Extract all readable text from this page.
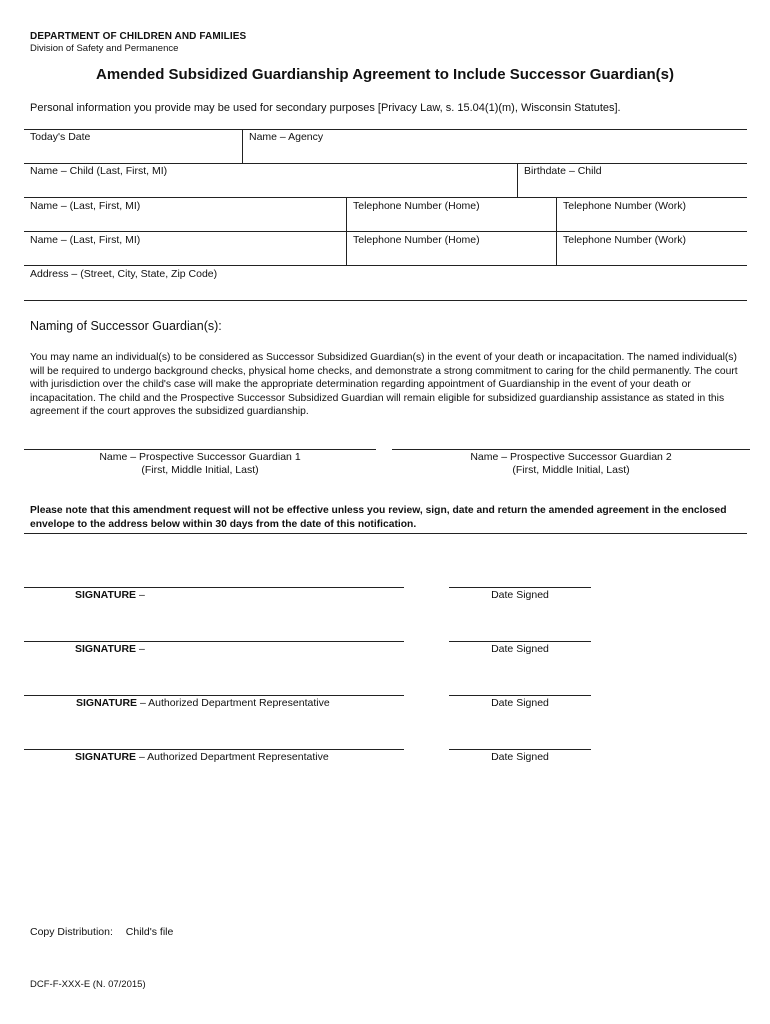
DEPARTMENT OF CHILDREN AND FAMILIES
Division of Safety and Permanence
Amended Subsidized Guardianship Agreement to Include Successor Guardian(s)
Personal information you provide may be used for secondary purposes [Privacy Law, s. 15.04(1)(m), Wisconsin Statutes].
Today's Date	Name – Agency
Name – Child (Last, First, MI)	Birthdate – Child
Name – (Last, First, MI)	Telephone Number (Home)	Telephone Number (Work)
Name – (Last, First, MI)	Telephone Number (Home)	Telephone Number (Work)
Address – (Street, City, State, Zip Code)
Naming of Successor Guardian(s):
You may name an individual(s) to be considered as Successor Subsidized Guardian(s) in the event of your death or incapacitation. The named individual(s) will be required to undergo background checks, physical home checks, and demonstrate a strong commitment to caring for the child permanently. The court with jurisdiction over the child's case will make the appropriate determination regarding appointment of Guardianship in the event of your death or incapacitation. The child and the Prospective Successor Subsidized Guardian will remain eligible for subsidized guardianship assistance as stated in this agreement if the court approves the subsidized guardianship.
Name – Prospective Successor Guardian 1
(First, Middle Initial, Last)
Name – Prospective Successor Guardian 2
(First, Middle Initial, Last)
Please note that this amendment request will not be effective unless you review, sign, date and return the amended agreement in the enclosed envelope to the address below within 30 days from the date of this notification.
SIGNATURE –	Date Signed
SIGNATURE –	Date Signed
SIGNATURE – Authorized Department Representative	Date Signed
SIGNATURE – Authorized Department Representative	Date Signed
Copy Distribution: Child's file
DCF-F-XXX-E (N. 07/2015)
